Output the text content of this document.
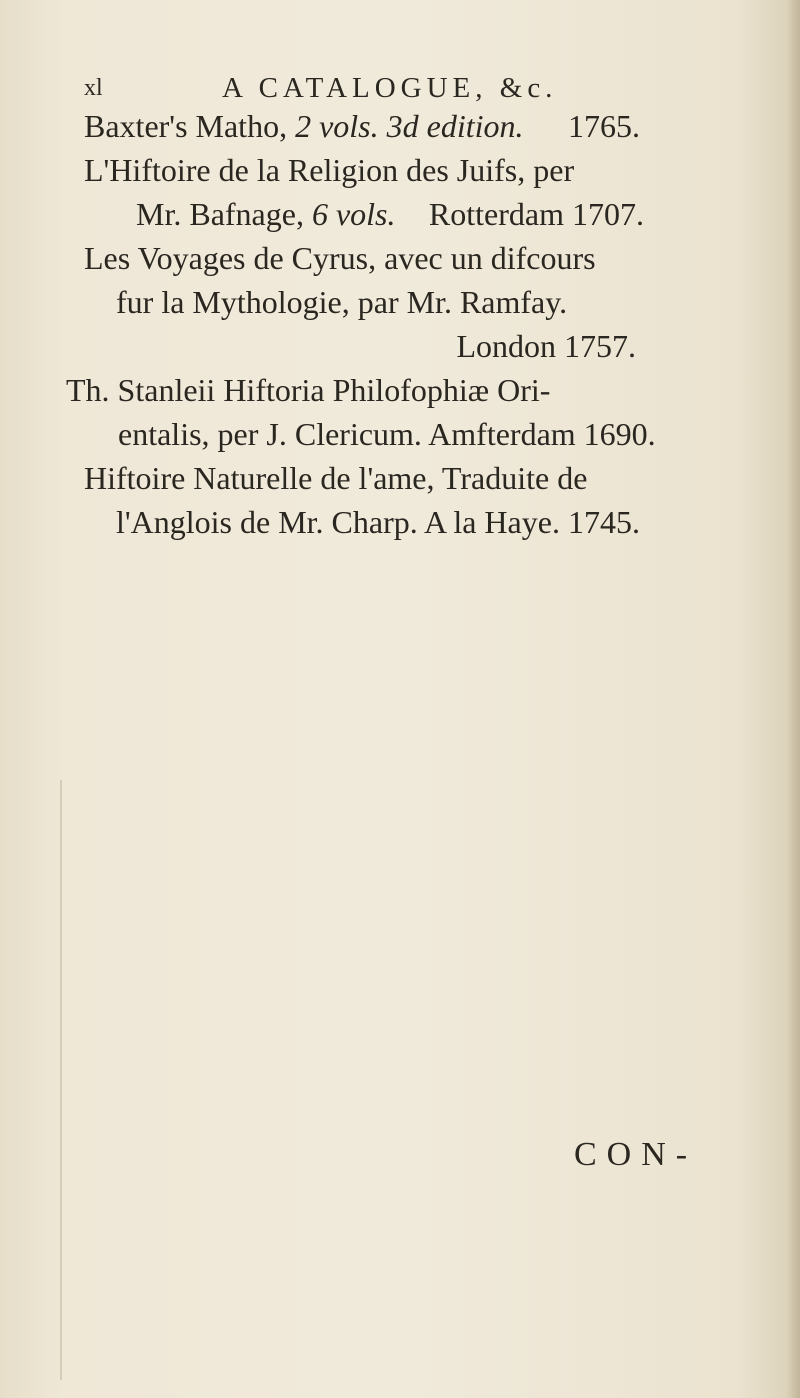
xl	A CATALOGUE, &c.
Baxter's Matho, 2 vols. 3d edition. 1765.
L'Hiftoire de la Religion des Juifs, per
Mr. Bafnage, 6 vols. Rotterdam 1707.
Les Voyages de Cyrus, avec un difcours
fur la Mythologie, par Mr. Ramfay.
London 1757.
Th. Stanleii Hiftoria Philofophiæ Ori-
entalis, per J. Clericum. Amfterdam 1690.
Hiftoire Naturelle de l'ame, Traduite de
l'Anglois de Mr. Charp. A la Haye. 1745.
CON-
